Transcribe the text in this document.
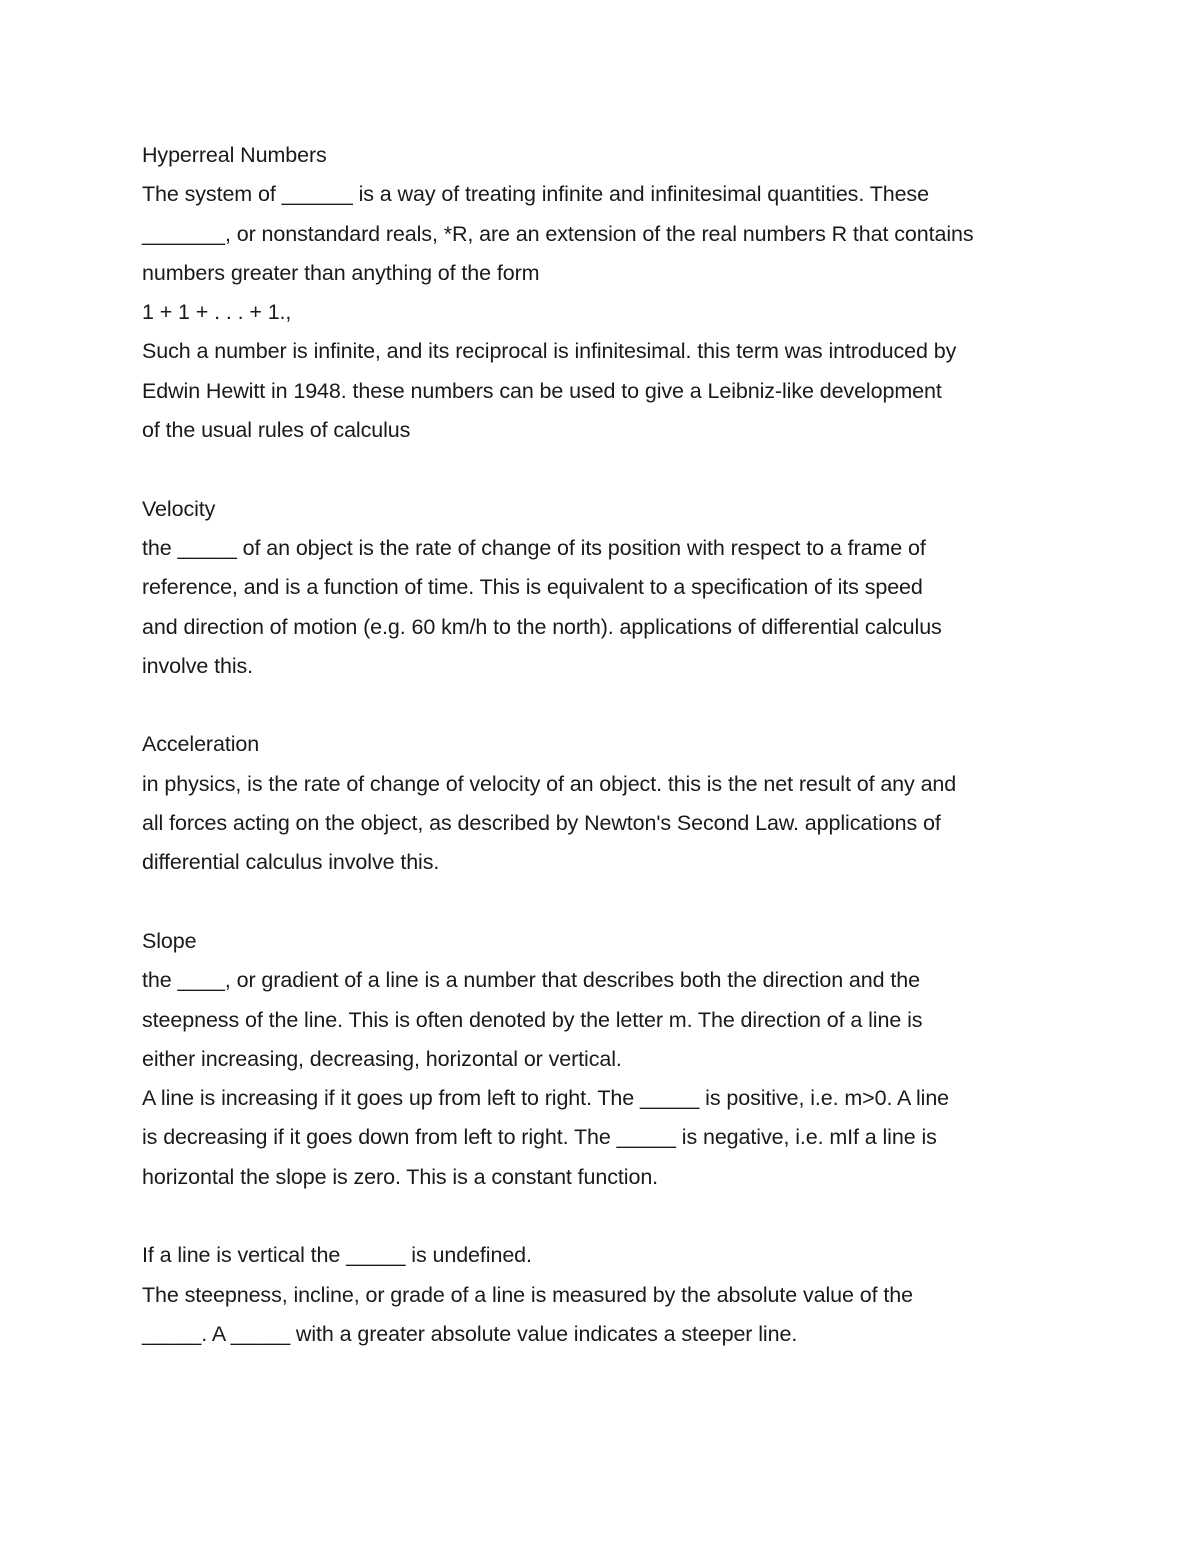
Hyperreal Numbers
The system of ______ is a way of treating infinite and infinitesimal quantities. These
_______, or nonstandard reals, *R, are an extension of the real numbers R that contains
numbers greater than anything of the form
1 + 1 + . . . + 1.,
Such a number is infinite, and its reciprocal is infinitesimal. this term was introduced by
Edwin Hewitt in 1948. these numbers can be used to give a Leibniz-like development
of the usual rules of calculus
Velocity
the _____ of an object is the rate of change of its position with respect to a frame of
reference, and is a function of time. This is equivalent to a specification of its speed
and direction of motion (e.g. 60 km/h to the north). applications of differential calculus
involve this.
Acceleration
in physics, is the rate of change of velocity of an object. this is the net result of any and
all forces acting on the object, as described by Newton's Second Law. applications of
differential calculus involve this.
Slope
the ____, or gradient of a line is a number that describes both the direction and the
steepness of the line. This is often denoted by the letter m. The direction of a line is
either increasing, decreasing, horizontal or vertical.
A line is increasing if it goes up from left to right. The _____ is positive, i.e. m>0. A line
is decreasing if it goes down from left to right. The _____ is negative, i.e. mIf a line is
horizontal the slope is zero. This is a constant function.
If a line is vertical the _____ is undefined.
The steepness, incline, or grade of a line is measured by the absolute value of the
_____. A _____ with a greater absolute value indicates a steeper line.
